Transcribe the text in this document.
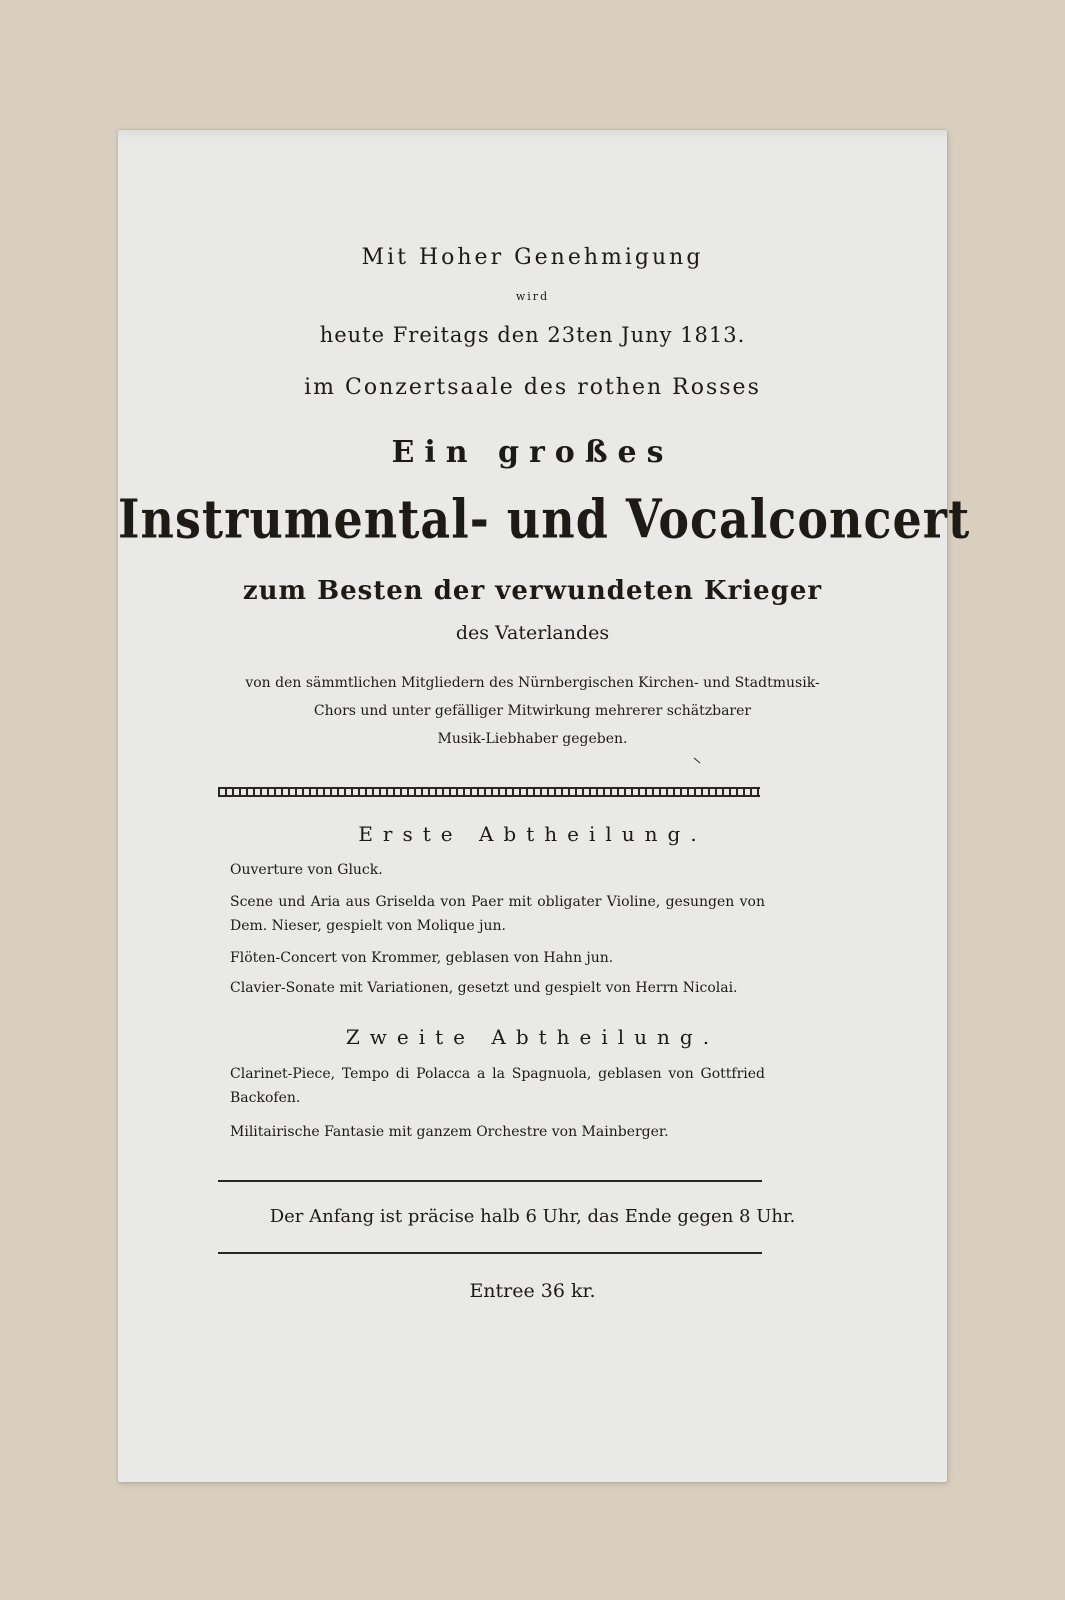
Mit Hoher Genehmigung
wird
heute Freitags den 23ten Juny 1813.
im Conzertsaale des rothen Rosses
Ein großes
Instrumental- und Vocalconcert
zum Besten der verwundeten Krieger
des Vaterlandes
von den sämmtlichen Mitgliedern des Nürnbergischen Kirchen- und Stadtmusik-
Chors und unter gefälliger Mitwirkung mehrerer schätzbarer
Musik-Liebhaber gegeben.
Erste Abtheilung.
Ouverture von Gluck.
Scene und Aria aus Griselda von Paer mit obligater Violine, gesungen von Dem. Nieser, gespielt von Molique jun.
Flöten-Concert von Krommer, geblasen von Hahn jun.
Clavier-Sonate mit Variationen, gesetzt und gespielt von Herrn Nicolai.
Zweite Abtheilung.
Clarinet-Piece, Tempo di Polacca a la Spagnuola, geblasen von Gottfried Backofen.
Militairische Fantasie mit ganzem Orchestre von Mainberger.
Der Anfang ist präcise halb 6 Uhr, das Ende gegen 8 Uhr.
Entree 36 kr.
